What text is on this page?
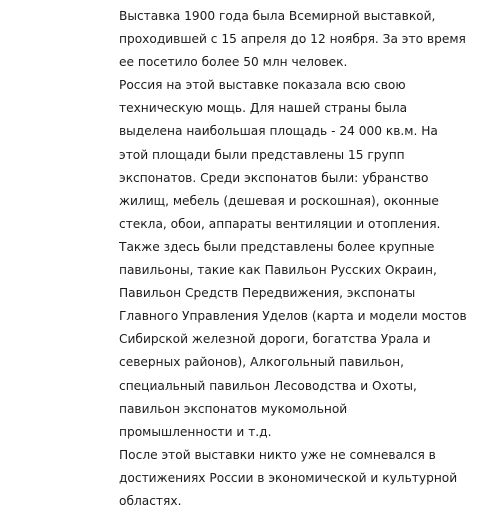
Выставка 1900 года была Всемирной выставкой,
проходившей с 15 апреля до 12 ноября. За это время
ее посетило более 50 млн человек.
Россия на этой выставке показала всю свою
техническую мощь. Для нашей страны была
выделена наибольшая площадь - 24 000 кв.м. На
этой площади были представлены 15 групп
экспонатов. Среди экспонатов были: убранство
жилищ, мебель (дешевая и роскошная), оконные
стекла, обои, аппараты вентиляции и отопления.
Также здесь были представлены более крупные
павильоны, такие как Павильон Русских Окраин,
Павильон Средств Передвижения, экспонаты
Главного Управления Уделов (карта и модели мостов
Сибирской железной дороги, богатства Урала и
северных районов), Алкогольный павильон,
специальный павильон Лесоводства и Охоты,
павильон экспонатов мукомольной
промышленности и т.д.
После этой выставки никто уже не сомневался в
достижениях России в экономической и культурной
областях.
